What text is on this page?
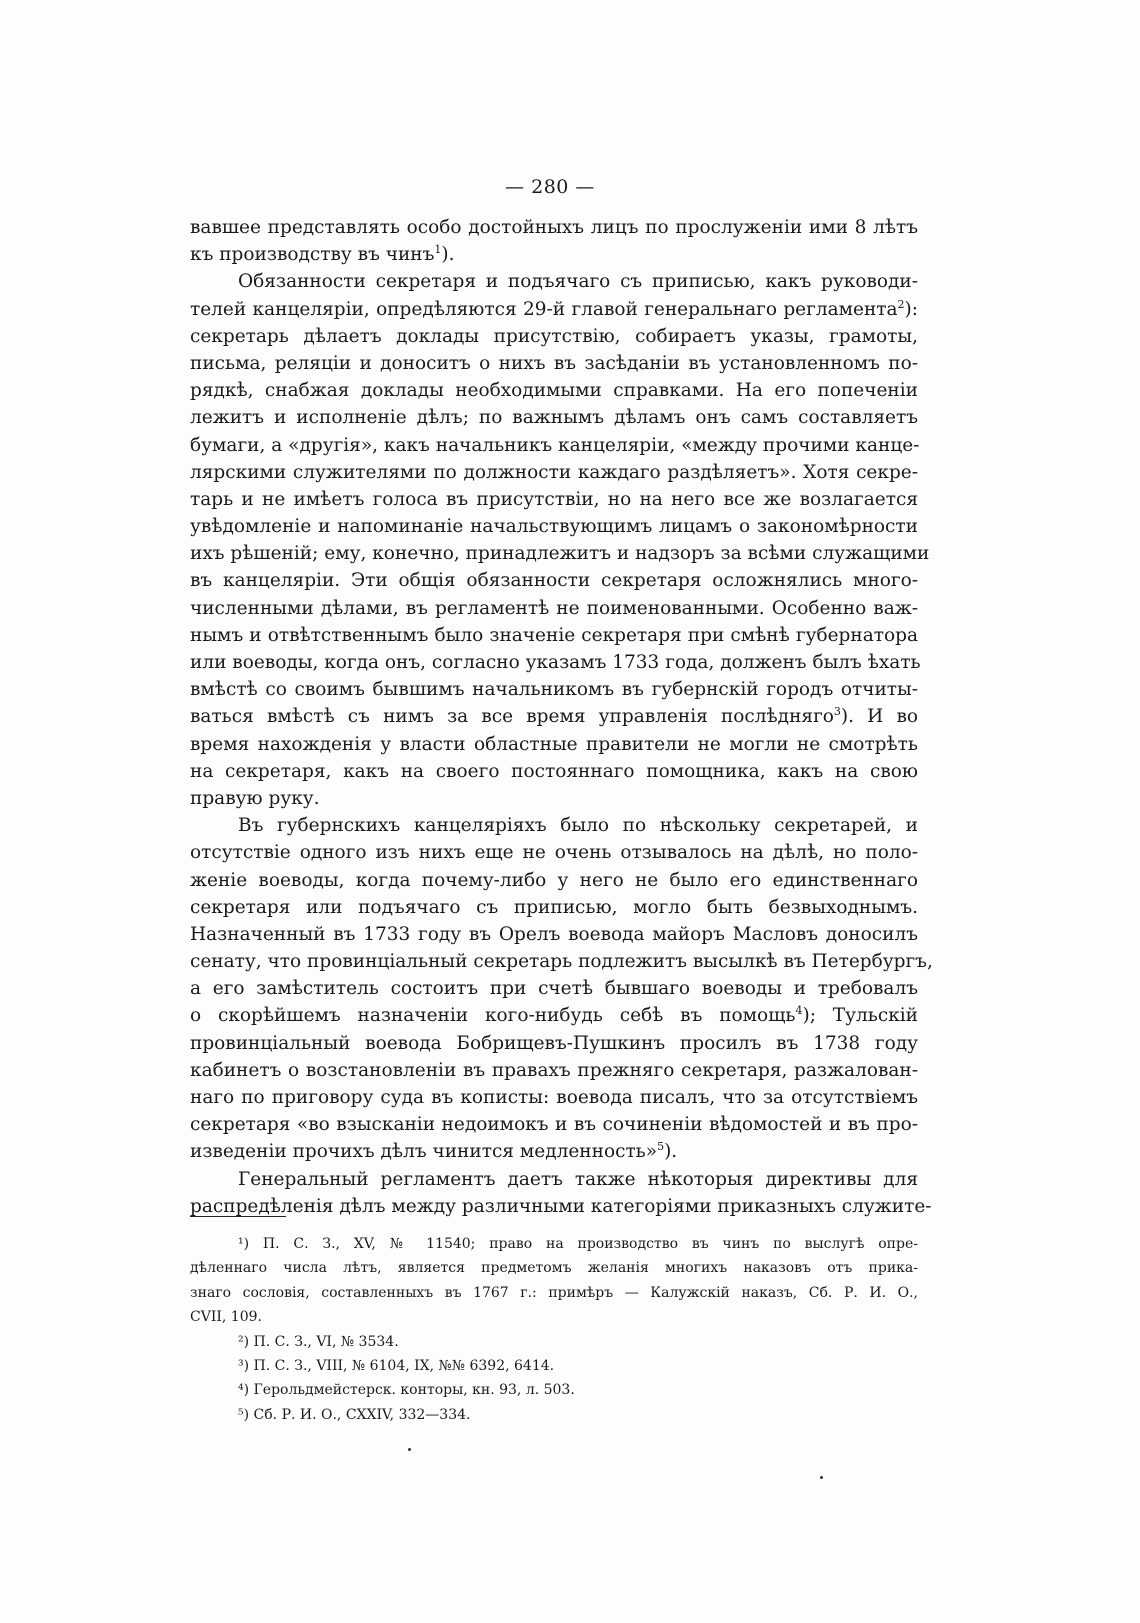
— 280 —
вавшее представлять особо достойныхъ лицъ по прослуженіи ими 8 лѣтъ
къ производству въ чинъ$^1$).
Обязанности секретаря и подъячаго съ приписью, какъ руководи-
телей канцеляріи, опредѣляются 29-й главой генеральнаго регламента$^2$):
секретарь дѣлаетъ доклады присутствію, собираетъ указы, грамоты,
письма, реляціи и доноситъ о нихъ въ засѣданіи въ установленномъ по-
рядкѣ, снабжая доклады необходимыми справками. На его попеченіи
лежитъ и исполненіе дѣлъ; по важнымъ дѣламъ онъ самъ составляетъ
бумаги, а «другія», какъ начальникъ канцеляріи, «между прочими канце-
лярскими служителями по должности каждаго раздѣляетъ». Хотя секре-
тарь и не имѣетъ голоса въ присутствіи, но на него все же возлагается
увѣдомленіе и напоминаніе начальствующимъ лицамъ о закономѣрности
ихъ рѣшеній; ему, конечно, принадлежитъ и надзоръ за всѣми служащими
въ канцеляріи. Эти общія обязанности секретаря осложнялись много-
численными дѣлами, въ регламентѣ не поименованными. Особенно важ-
нымъ и отвѣтственнымъ было значеніе секретаря при смѣнѣ губернатора
или воеводы, когда онъ, согласно указамъ 1733 года, долженъ былъ ѣхать
вмѣстѣ со своимъ бывшимъ начальникомъ въ губернскій городъ отчиты-
ваться вмѣстѣ съ нимъ за все время управленія послѣдняго$^3$). И во
время нахожденія у власти областные правители не могли не смотрѣть
на секретаря, какъ на своего постояннаго помощника, какъ на свою
правую руку.
Въ губернскихъ канцеляріяхъ было по нѣскольку секретарей, и
отсутствіе одного изъ нихъ еще не очень отзывалось на дѣлѣ, но поло-
женіе воеводы, когда почему-либо у него не было его единственнаго
секретаря или подъячаго съ приписью, могло быть безвыходнымъ.
Назначенный въ 1733 году въ Орелъ воевода майоръ Масловъ доносилъ
сенату, что провинціальный секретарь подлежитъ высылкѣ въ Петербургъ,
а его замѣститель состоитъ при счетѣ бывшаго воеводы и требовалъ
о скорѣйшемъ назначеніи кого-нибудь себѣ въ помощь$^4$); Тульскій
провинціальный воевода Бобрищевъ-Пушкинъ просилъ въ 1738 году
кабинетъ о возстановленіи въ правахъ прежняго секретаря, разжалован-
наго по приговору суда въ кописты: воевода писалъ, что за отсутствіемъ
секретаря «во взысканіи недоимокъ и въ сочиненіи вѣдомостей и въ про-
изведеніи прочихъ дѣлъ чинится медленность»$^5$).
Генеральный регламентъ даетъ также нѣкоторыя директивы для
распредѣленія дѣлъ между различными категоріями приказныхъ служите-
¹) П. С. З., XV, № 11540; право на производство въ чинъ по выслугѣ опре-
дѣленнаго числа лѣтъ, является предметомъ желанія многихъ наказовъ отъ прика-
знаго сословія, составленныхъ въ 1767 г.: примѣръ — Калужскій наказъ, Сб. Р. И. О.,
CVII, 109.
²) П. С. З., VI, № 3534.
³) П. С. З., VIII, № 6104, IX, №№ 6392, 6414.
⁴) Герольдмейстерск. конторы, кн. 93, л. 503.
⁵) Сб. Р. И. О., CXXIV, 332—334.
